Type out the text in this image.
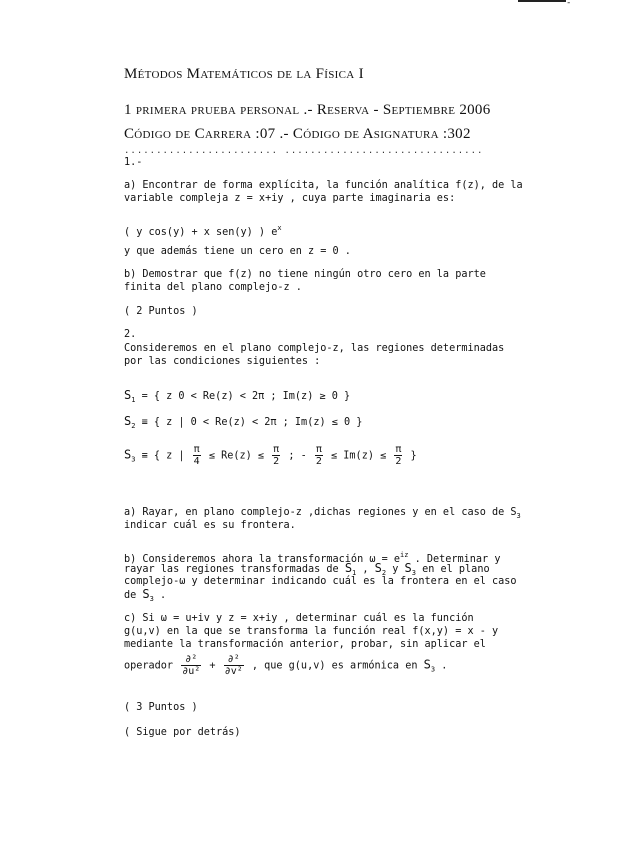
-
Métodos Matemáticos de la Física I
1 primera prueba personal .- Reserva - Septiembre 2006
Código de Carrera :07 .- Código de Asignatura :302
........................ ...............................
1.-
a) Encontrar de forma explícita, la función analítica f(z), de la
variable compleja z = x+iy , cuya parte imaginaria es:
( y cos(y) + x sen(y) ) $e^x$
y que además tiene un cero en z = 0 .
b) Demostrar que f(z) no tiene ningún otro cero en la parte
finita del plano complejo-z .
( 2 Puntos )
2.
Consideremos en el plano complejo-z, las regiones determinadas
por las condiciones siguientes :
$S_1$ = { z 0 < Re(z) < 2π ; Im(z) ≥ 0 }
$S_2$ ≡ { z | 0 < Re(z) < 2π ; Im(z) ≤ 0 }
$S_3$ ≡ { z | $\frac{\pi}{4} \le Re(z) \le \frac{\pi}{2}$ ; - $\frac{\pi}{2} \le Im(z) \le \frac{\pi}{2}$ }
a) Rayar, en plano complejo-z ,dichas regiones y en el caso de $S_3$
indicar cuál es su frontera.
b) Consideremos ahora la transformación $\omega = e^{iz}$ . Determinar y
rayar las regiones transformadas de $S_1$ , $S_2$ y $S_3$ en el plano
complejo-ω y determinar indicando cuál es la frontera en el caso
de $S_3$ .
c) Si ω = u+iv y z = x+iy , determinar cuál es la función
g(u,v) en la que se transforma la función real f(x,y) = x - y
mediante la transformación anterior, probar, sin aplicar el
operador $\frac{\text{∂²}}{\text{∂u²}} + \frac{\text{∂²}}{\text{∂v²}}$ , que g(u,v) es armónica en $S_3$ .
( 3 Puntos )
( Sigue por detrás)
